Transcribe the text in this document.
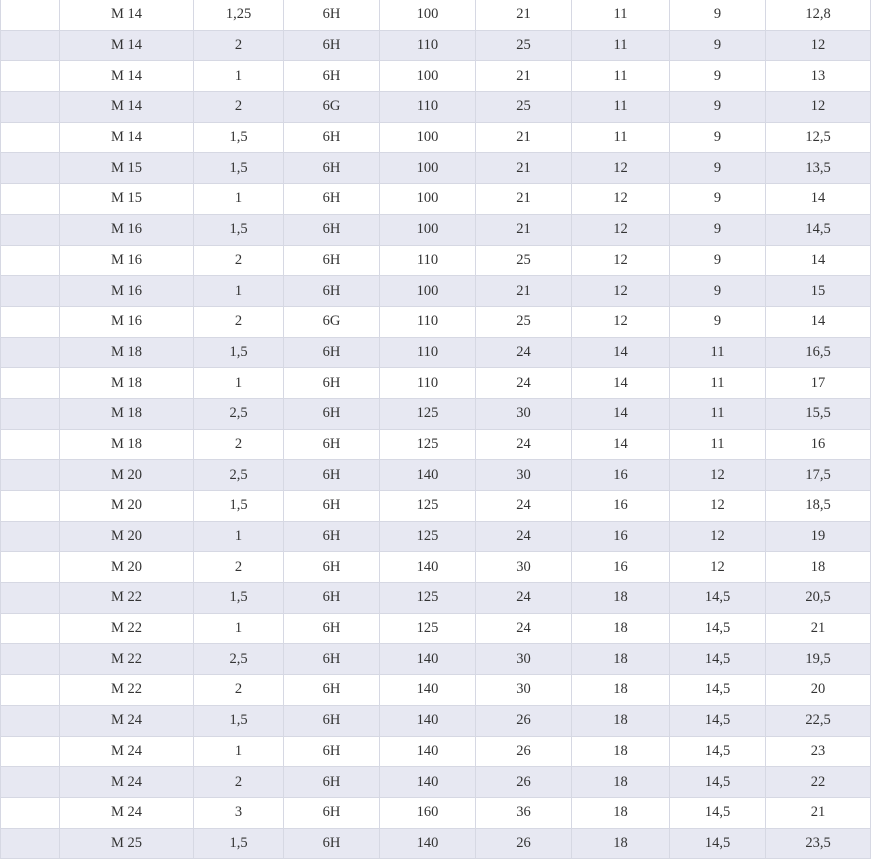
	M 14	1,25	6H	100	21	11	9	12,8
	M 14	2	6H	110	25	11	9	12
	M 14	1	6H	100	21	11	9	13
	M 14	2	6G	110	25	11	9	12
	M 14	1,5	6H	100	21	11	9	12,5
	M 15	1,5	6H	100	21	12	9	13,5
	M 15	1	6H	100	21	12	9	14
	M 16	1,5	6H	100	21	12	9	14,5
	M 16	2	6H	110	25	12	9	14
	M 16	1	6H	100	21	12	9	15
	M 16	2	6G	110	25	12	9	14
	M 18	1,5	6H	110	24	14	11	16,5
	M 18	1	6H	110	24	14	11	17
	M 18	2,5	6H	125	30	14	11	15,5
	M 18	2	6H	125	24	14	11	16
	M 20	2,5	6H	140	30	16	12	17,5
	M 20	1,5	6H	125	24	16	12	18,5
	M 20	1	6H	125	24	16	12	19
	M 20	2	6H	140	30	16	12	18
	M 22	1,5	6H	125	24	18	14,5	20,5
	M 22	1	6H	125	24	18	14,5	21
	M 22	2,5	6H	140	30	18	14,5	19,5
	M 22	2	6H	140	30	18	14,5	20
	M 24	1,5	6H	140	26	18	14,5	22,5
	M 24	1	6H	140	26	18	14,5	23
	M 24	2	6H	140	26	18	14,5	22
	M 24	3	6H	160	36	18	14,5	21
	M 25	1,5	6H	140	26	18	14,5	23,5
